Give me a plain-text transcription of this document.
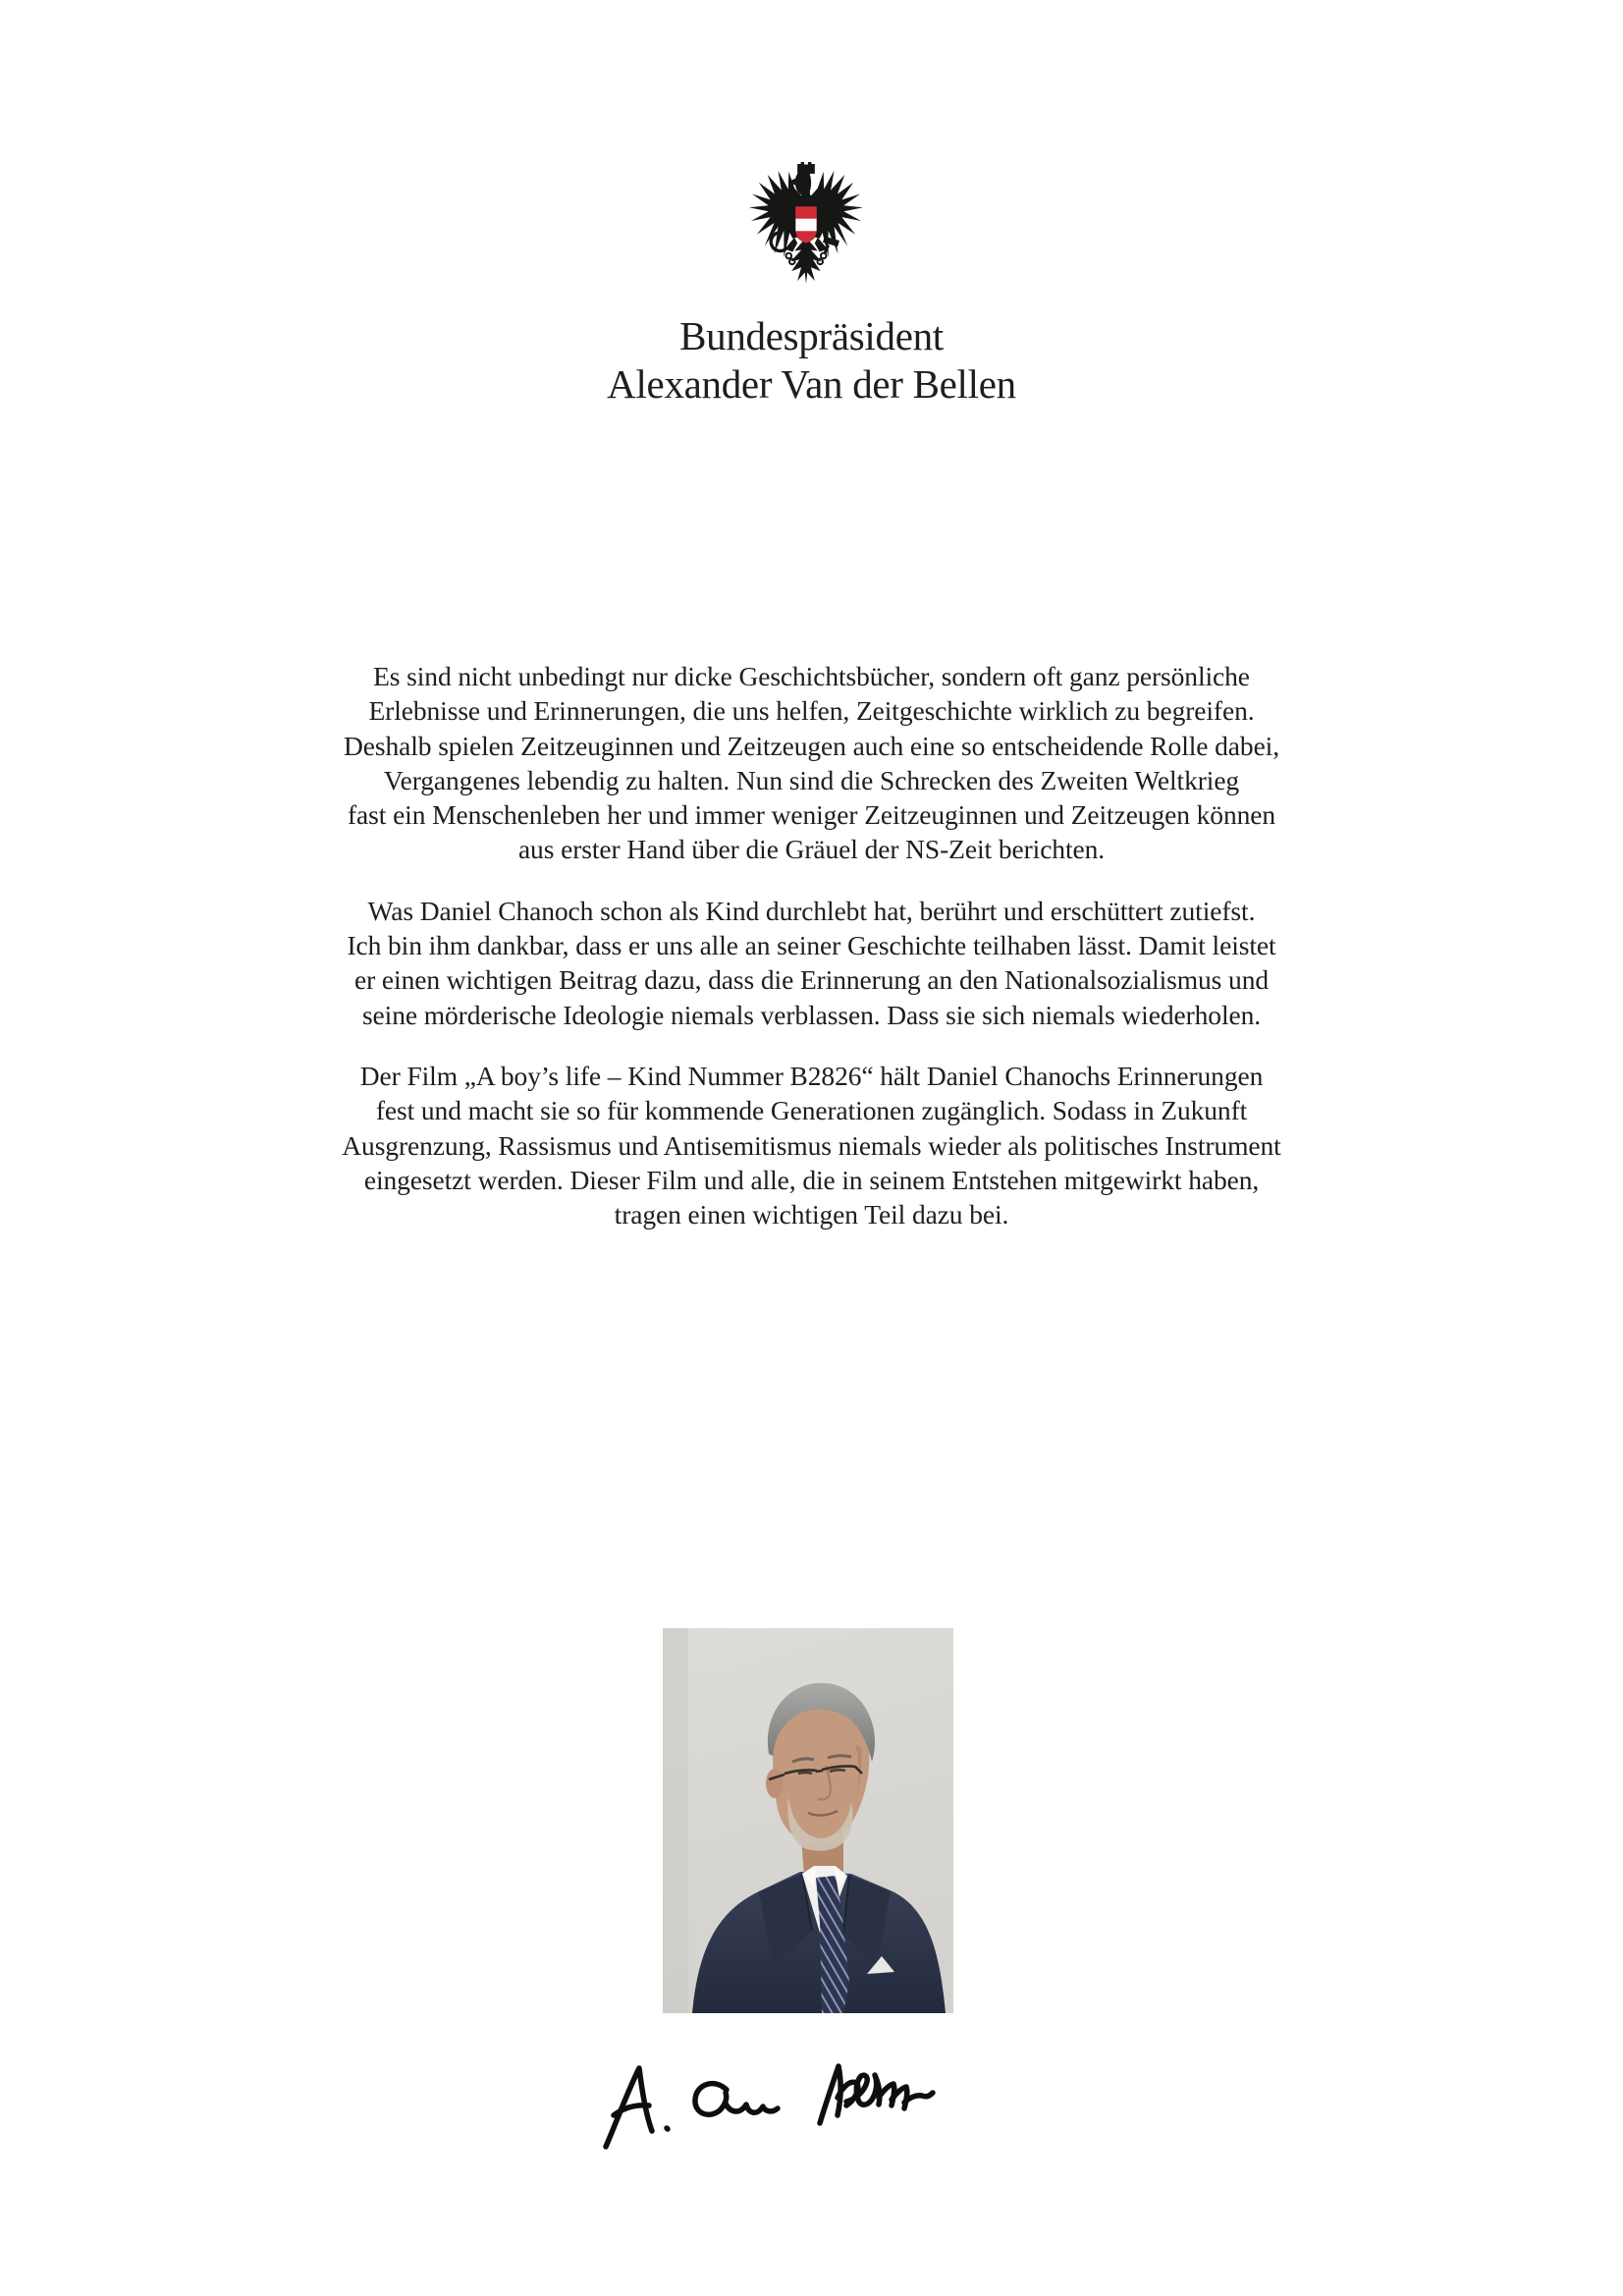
Bundespräsident
Alexander Van der Bellen
Es sind nicht unbedingt nur dicke Geschichtsbücher, sondern oft ganz persönliche
Erlebnisse und Erinnerungen, die uns helfen, Zeitgeschichte wirklich zu begreifen.
Deshalb spielen Zeitzeuginnen und Zeitzeugen auch eine so entscheidende Rolle dabei,
Vergangenes lebendig zu halten. Nun sind die Schrecken des Zweiten Weltkrieg
fast ein Menschenleben her und immer weniger Zeitzeuginnen und Zeitzeugen können
aus erster Hand über die Gräuel der NS-Zeit berichten.
Was Daniel Chanoch schon als Kind durchlebt hat, berührt und erschüttert zutiefst.
Ich bin ihm dankbar, dass er uns alle an seiner Geschichte teilhaben lässt. Damit leistet
er einen wichtigen Beitrag dazu, dass die Erinnerung an den Nationalsozialismus und
seine mörderische Ideologie niemals verblassen. Dass sie sich niemals wiederholen.
Der Film „A boy’s life – Kind Nummer B2826“ hält Daniel Chanochs Erinnerungen
fest und macht sie so für kommende Generationen zugänglich. Sodass in Zukunft
Ausgrenzung, Rassismus und Antisemitismus niemals wieder als politisches Instrument
eingesetzt werden. Dieser Film und alle, die in seinem Entstehen mitgewirkt haben,
tragen einen wichtigen Teil dazu bei.
